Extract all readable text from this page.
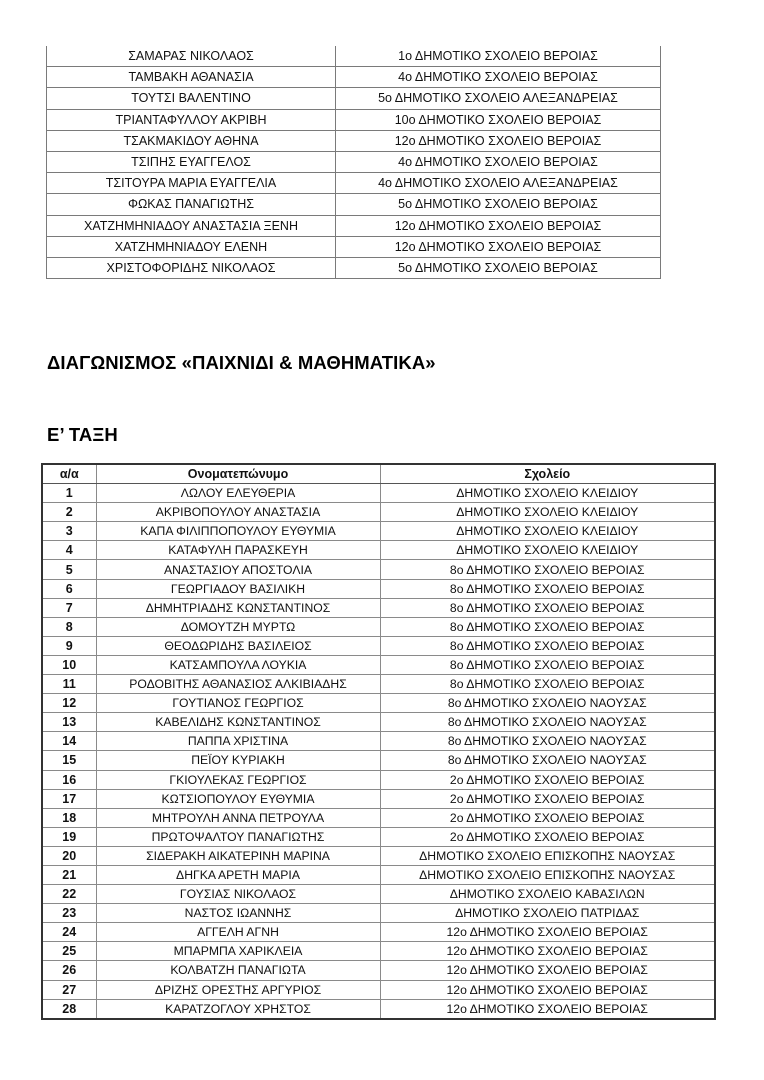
ΣΑΜΑΡΑΣ ΝΙΚΟΛΑΟΣ	1ο ΔΗΜΟΤΙΚΟ ΣΧΟΛΕΙΟ ΒΕΡΟΙΑΣ
ΤΑΜΒΑΚΗ ΑΘΑΝΑΣΙΑ	4ο ΔΗΜΟΤΙΚΟ ΣΧΟΛΕΙΟ ΒΕΡΟΙΑΣ
ΤΟΥΤΣΙ ΒΑΛΕΝΤΙΝΟ	5ο ΔΗΜΟΤΙΚΟ ΣΧΟΛΕΙΟ ΑΛΕΞΑΝΔΡΕΙΑΣ
ΤΡΙΑΝΤΑΦΥΛΛΟΥ ΑΚΡΙΒΗ	10ο ΔΗΜΟΤΙΚΟ ΣΧΟΛΕΙΟ ΒΕΡΟΙΑΣ
ΤΣΑΚΜΑΚΙΔΟΥ ΑΘΗΝΑ	12ο ΔΗΜΟΤΙΚΟ ΣΧΟΛΕΙΟ ΒΕΡΟΙΑΣ
ΤΣΙΠΗΣ ΕΥΑΓΓΕΛΟΣ	4ο ΔΗΜΟΤΙΚΟ ΣΧΟΛΕΙΟ ΒΕΡΟΙΑΣ
ΤΣΙΤΟΥΡΑ ΜΑΡΙΑ ΕΥΑΓΓΕΛΙΑ	4ο ΔΗΜΟΤΙΚΟ ΣΧΟΛΕΙΟ ΑΛΕΞΑΝΔΡΕΙΑΣ
ΦΩΚΑΣ ΠΑΝΑΓΙΩΤΗΣ	5ο ΔΗΜΟΤΙΚΟ ΣΧΟΛΕΙΟ ΒΕΡΟΙΑΣ
ΧΑΤΖΗΜΗΝΙΑΔΟΥ ΑΝΑΣΤΑΣΙΑ ΞΕΝΗ	12ο ΔΗΜΟΤΙΚΟ ΣΧΟΛΕΙΟ ΒΕΡΟΙΑΣ
ΧΑΤΖΗΜΗΝΙΑΔΟΥ ΕΛΕΝΗ	12ο ΔΗΜΟΤΙΚΟ ΣΧΟΛΕΙΟ ΒΕΡΟΙΑΣ
ΧΡΙΣΤΟΦΟΡΙΔΗΣ ΝΙΚΟΛΑΟΣ	5ο ΔΗΜΟΤΙΚΟ ΣΧΟΛΕΙΟ ΒΕΡΟΙΑΣ
ΔΙΑΓΩΝΙΣΜΟΣ «ΠΑΙΧΝΙΔΙ & ΜΑΘΗΜΑΤΙΚΑ»
Ε’ ΤΑΞΗ
α/α	Ονοματεπώνυμο	Σχολείο
1	ΛΩΛΟΥ ΕΛΕΥΘΕΡΙΑ	ΔΗΜΟΤΙΚΟ ΣΧΟΛΕΙΟ ΚΛΕΙΔΙΟΥ
2	ΑΚΡΙΒΟΠΟΥΛΟΥ ΑΝΑΣΤΑΣΙΑ	ΔΗΜΟΤΙΚΟ ΣΧΟΛΕΙΟ ΚΛΕΙΔΙΟΥ
3	ΚΑΠΑ ΦΙΛΙΠΠΟΠΟΥΛΟΥ ΕΥΘΥΜΙΑ	ΔΗΜΟΤΙΚΟ ΣΧΟΛΕΙΟ ΚΛΕΙΔΙΟΥ
4	ΚΑΤΑΦΥΛΗ ΠΑΡΑΣΚΕΥΗ	ΔΗΜΟΤΙΚΟ ΣΧΟΛΕΙΟ ΚΛΕΙΔΙΟΥ
5	ΑΝΑΣΤΑΣΙΟΥ ΑΠΟΣΤΟΛΙΑ	8ο ΔΗΜΟΤΙΚΟ ΣΧΟΛΕΙΟ ΒΕΡΟΙΑΣ
6	ΓΕΩΡΓΙΑΔΟΥ ΒΑΣΙΛΙΚΗ	8ο ΔΗΜΟΤΙΚΟ ΣΧΟΛΕΙΟ ΒΕΡΟΙΑΣ
7	ΔΗΜΗΤΡΙΑΔΗΣ ΚΩΝΣΤΑΝΤΙΝΟΣ	8ο ΔΗΜΟΤΙΚΟ ΣΧΟΛΕΙΟ ΒΕΡΟΙΑΣ
8	ΔΟΜΟΥΤΖΗ ΜΥΡΤΩ	8ο ΔΗΜΟΤΙΚΟ ΣΧΟΛΕΙΟ ΒΕΡΟΙΑΣ
9	ΘΕΟΔΩΡΙΔΗΣ ΒΑΣΙΛΕΙΟΣ	8ο ΔΗΜΟΤΙΚΟ ΣΧΟΛΕΙΟ ΒΕΡΟΙΑΣ
10	ΚΑΤΣΑΜΠΟΥΛΑ ΛΟΥΚΙΑ	8ο ΔΗΜΟΤΙΚΟ ΣΧΟΛΕΙΟ ΒΕΡΟΙΑΣ
11	ΡΟΔΟΒΙΤΗΣ ΑΘΑΝΑΣΙΟΣ ΑΛΚΙΒΙΑΔΗΣ	8ο ΔΗΜΟΤΙΚΟ ΣΧΟΛΕΙΟ ΒΕΡΟΙΑΣ
12	ΓΟΥΤΙΑΝΟΣ ΓΕΩΡΓΙΟΣ	8ο ΔΗΜΟΤΙΚΟ ΣΧΟΛΕΙΟ ΝΑΟΥΣΑΣ
13	ΚΑΒΕΛΙΔΗΣ ΚΩΝΣΤΑΝΤΙΝΟΣ	8ο ΔΗΜΟΤΙΚΟ ΣΧΟΛΕΙΟ ΝΑΟΥΣΑΣ
14	ΠΑΠΠΑ ΧΡΙΣΤΙΝΑ	8ο ΔΗΜΟΤΙΚΟ ΣΧΟΛΕΙΟ ΝΑΟΥΣΑΣ
15	ΠΕΪΟΥ ΚΥΡΙΑΚΗ	8ο ΔΗΜΟΤΙΚΟ ΣΧΟΛΕΙΟ ΝΑΟΥΣΑΣ
16	ΓΚΙΟΥΛΕΚΑΣ ΓΕΩΡΓΙΟΣ	2ο ΔΗΜΟΤΙΚΟ ΣΧΟΛΕΙΟ ΒΕΡΟΙΑΣ
17	ΚΩΤΣΙΟΠΟΥΛΟΥ ΕΥΘΥΜΙΑ	2ο ΔΗΜΟΤΙΚΟ ΣΧΟΛΕΙΟ ΒΕΡΟΙΑΣ
18	ΜΗΤΡΟΥΛΗ ΑΝΝΑ ΠΕΤΡΟΥΛΑ	2ο ΔΗΜΟΤΙΚΟ ΣΧΟΛΕΙΟ ΒΕΡΟΙΑΣ
19	ΠΡΩΤΟΨΑΛΤΟΥ ΠΑΝΑΓΙΩΤΗΣ	2ο ΔΗΜΟΤΙΚΟ ΣΧΟΛΕΙΟ ΒΕΡΟΙΑΣ
20	ΣΙΔΕΡΑΚΗ ΑΙΚΑΤΕΡΙΝΗ ΜΑΡΙΝΑ	ΔΗΜΟΤΙΚΟ ΣΧΟΛΕΙΟ ΕΠΙΣΚΟΠΗΣ ΝΑΟΥΣΑΣ
21	ΔΗΓΚΑ ΑΡΕΤΗ ΜΑΡΙΑ	ΔΗΜΟΤΙΚΟ ΣΧΟΛΕΙΟ ΕΠΙΣΚΟΠΗΣ ΝΑΟΥΣΑΣ
22	ΓΟΥΣΙΑΣ ΝΙΚΟΛΑΟΣ	ΔΗΜΟΤΙΚΟ ΣΧΟΛΕΙΟ ΚΑΒΑΣΙΛΩΝ
23	ΝΑΣΤΟΣ ΙΩΑΝΝΗΣ	ΔΗΜΟΤΙΚΟ ΣΧΟΛΕΙΟ ΠΑΤΡΙΔΑΣ
24	ΑΓΓΕΛΗ ΑΓΝΗ	12ο ΔΗΜΟΤΙΚΟ ΣΧΟΛΕΙΟ ΒΕΡΟΙΑΣ
25	ΜΠΑΡΜΠΑ ΧΑΡΙΚΛΕΙΑ	12ο ΔΗΜΟΤΙΚΟ ΣΧΟΛΕΙΟ ΒΕΡΟΙΑΣ
26	ΚΟΛΒΑΤΖΗ ΠΑΝΑΓΙΩΤΑ	12ο ΔΗΜΟΤΙΚΟ ΣΧΟΛΕΙΟ ΒΕΡΟΙΑΣ
27	ΔΡΙΖΗΣ ΟΡΕΣΤΗΣ ΑΡΓΥΡΙΟΣ	12ο ΔΗΜΟΤΙΚΟ ΣΧΟΛΕΙΟ ΒΕΡΟΙΑΣ
28	ΚΑΡΑΤΖΟΓΛΟΥ ΧΡΗΣΤΟΣ	12ο ΔΗΜΟΤΙΚΟ ΣΧΟΛΕΙΟ ΒΕΡΟΙΑΣ
